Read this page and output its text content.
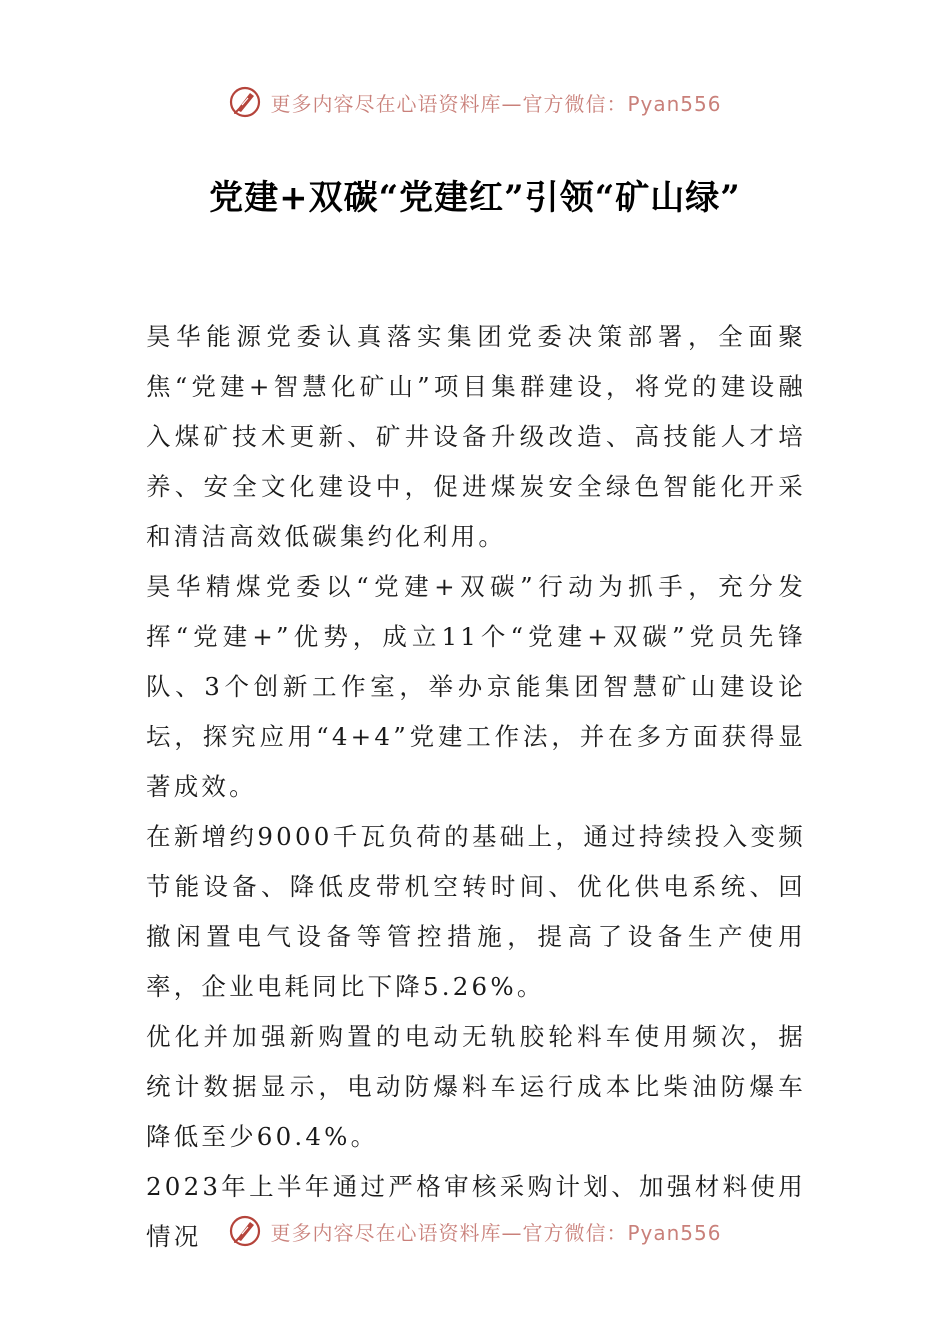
更多内容尽在心语资料库—官方微信：Pyan556
党建+双碳“党建红”引领“矿山绿”

昊华能源党委认真落实集团党委决策部署，全面聚焦“党建+智慧化矿山”项目集群建设，将党的建设融入煤矿技术更新、矿井设备升级改造、高技能人才培养、安全文化建设中，促进煤炭安全绿色智能化开采和清洁高效低碳集约化利用。

昊华精煤党委以“党建+双碳”行动为抓手，充分发挥“党建+”优势，成立11个“党建+双碳”党员先锋队、3个创新工作室，举办京能集团智慧矿山建设论坛，探究应用“4+4”党建工作法，并在多方面获得显著成效。

在新增约9000千瓦负荷的基础上，通过持续投入变频节能设备、降低皮带机空转时间、优化供电系统、回撤闲置电气设备等管控措施，提高了设备生产使用率，企业电耗同比下降5.26%。

优化并加强新购置的电动无轨胶轮料车使用频次，据统计数据显示，电动防爆料车运行成本比柴油防爆车降低至少60.4%。

2023年上半年通过严格审核采购计划、加强材料使用情况	更多内容尽在心语资料库—官方微信：Pyan556
